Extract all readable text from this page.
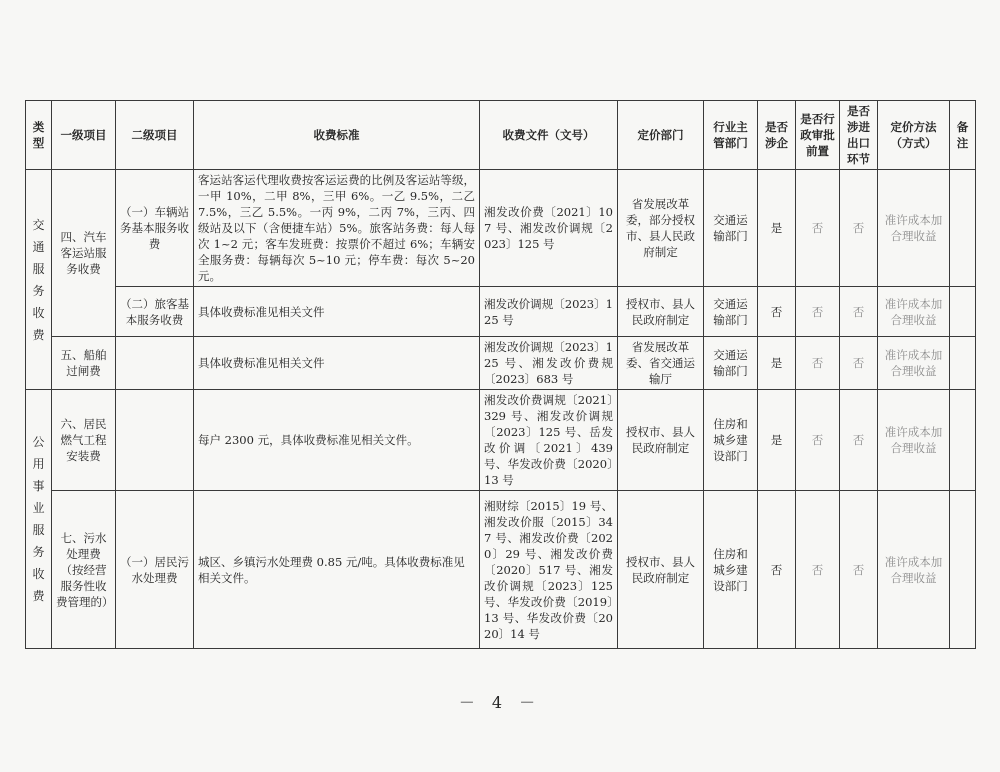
类型	一级项目	二级项目	收费标准	收费文件（文号）	定价部门	行业主管部门	是否涉企	是否行政审批前置	是否涉进出口环节	定价方法（方式）	备注
交通服务收费	四、汽车客运站服务收费	（一）车辆站务基本服务收费	客运站客运代理收费按客运运费的比例及客运站等级，一甲 10%，二甲 8%，三甲 6%。一乙 9.5%，二乙 7.5%，三乙 5.5%。一丙 9%，二丙 7%，三丙、四级站及以下（含便捷车站）5%。旅客站务费：每人每次 1~2 元；客车发班费：按票价不超过 6%；车辆安全服务费：每辆每次 5~10 元；停车费：每次 5~20 元。	湘发改价费〔2021〕107 号、湘发改价调规〔2023〕125 号	省发展改革委，部分授权市、县人民政府制定	交通运输部门	是	否	否	准许成本加合理收益	
		（二）旅客基本服务收费	具体收费标准见相关文件	湘发改价调规〔2023〕125 号	授权市、县人民政府制定	交通运输部门	否	否	否	准许成本加合理收益	
	五、船舶过闸费		具体收费标准见相关文件	湘发改价调规〔2023〕125 号、湘发改价费规〔2023〕683 号	省发展改革委、省交通运输厅	交通运输部门	是	否	否	准许成本加合理收益	
公用事业服务收费	六、居民燃气工程安装费		每户 2300 元，具体收费标准见相关文件。	湘发改价费调规〔2021〕329 号、湘发改价调规〔2023〕125 号、岳发改价调〔2021〕439 号、华发改价费〔2020〕13 号	授权市、县人民政府制定	住房和城乡建设部门	是	否	否	准许成本加合理收益	
	七、污水处理费（按经营服务性收费管理的）	（一）居民污水处理费	城区、乡镇污水处理费 0.85 元/吨。具体收费标准见相关文件。	湘财综〔2015〕19 号、湘发改价服〔2015〕347 号、湘发改价费〔2020〕29 号、湘发改价费〔2020〕517 号、湘发改价调规〔2023〕125 号、华发改价费〔2019〕13 号、华发改价费〔2020〕14 号	授权市、县人民政府制定	住房和城乡建设部门	否	否	否	准许成本加合理收益	
－ 4 －
